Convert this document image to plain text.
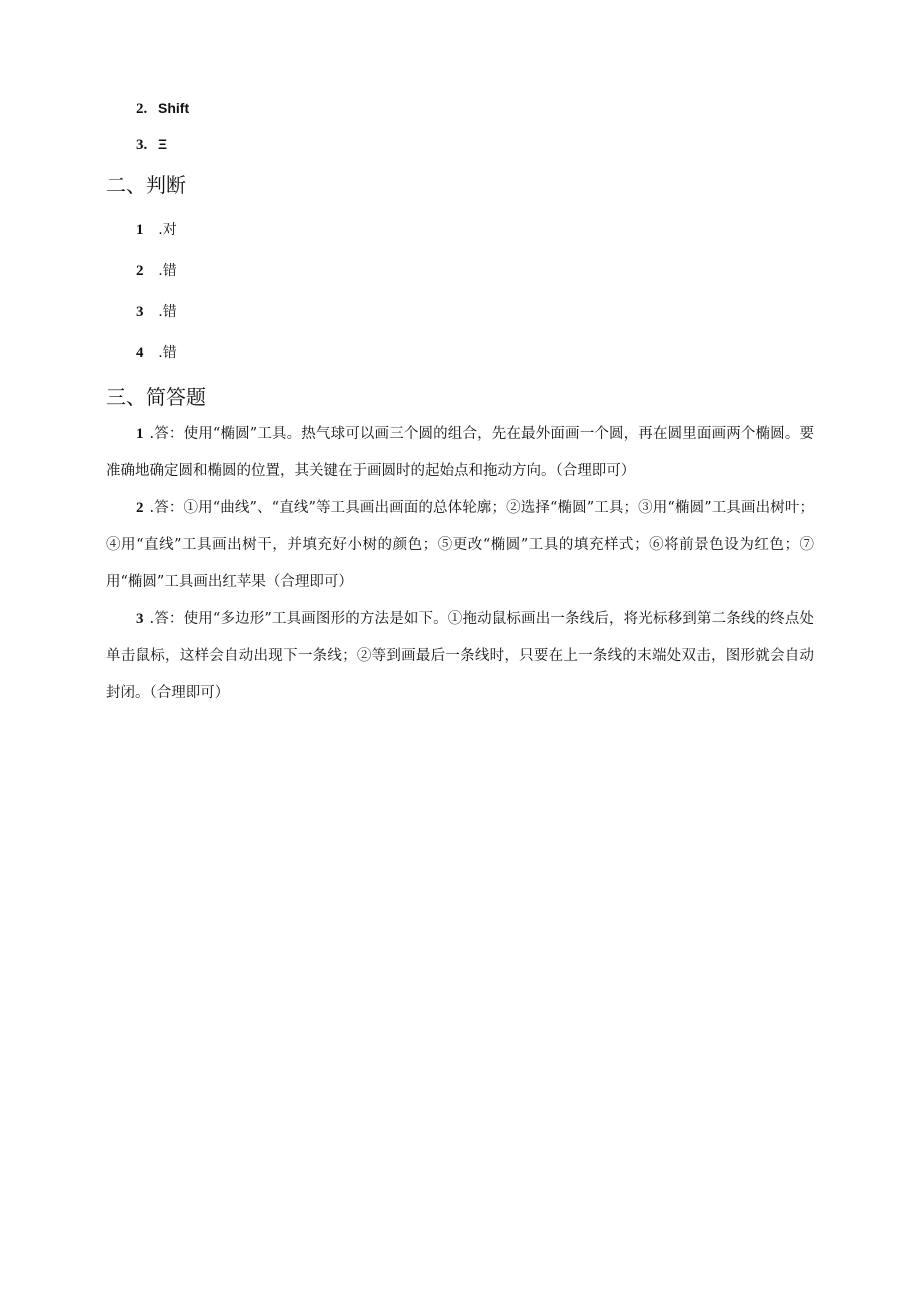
2. Shift
3. Ξ
二、判断
1 .对
2 .错
3 .错
4 .错
三、简答题
1 .答：使用“椭圆”工具。热气球可以画三个圆的组合，先在最外面画一个圆，再在圆里面画两个椭圆。要准确地确定圆和椭圆的位置，其关键在于画圆时的起始点和拖动方向。（合理即可）
2 .答：①用“曲线”、“直线”等工具画出画面的总体轮廓；②选择“椭圆”工具；③用“椭圆”工具画出树叶；④用“直线”工具画出树干，并填充好小树的颜色；⑤更改“椭圆”工具的填充样式；⑥将前景色设为红色；⑦用“椭圆”工具画出红苹果（合理即可）
3 .答：使用“多边形”工具画图形的方法是如下。①拖动鼠标画出一条线后，将光标移到第二条线的终点处单击鼠标，这样会自动出现下一条线；②等到画最后一条线时，只要在上一条线的末端处双击，图形就会自动封闭。（合理即可）
